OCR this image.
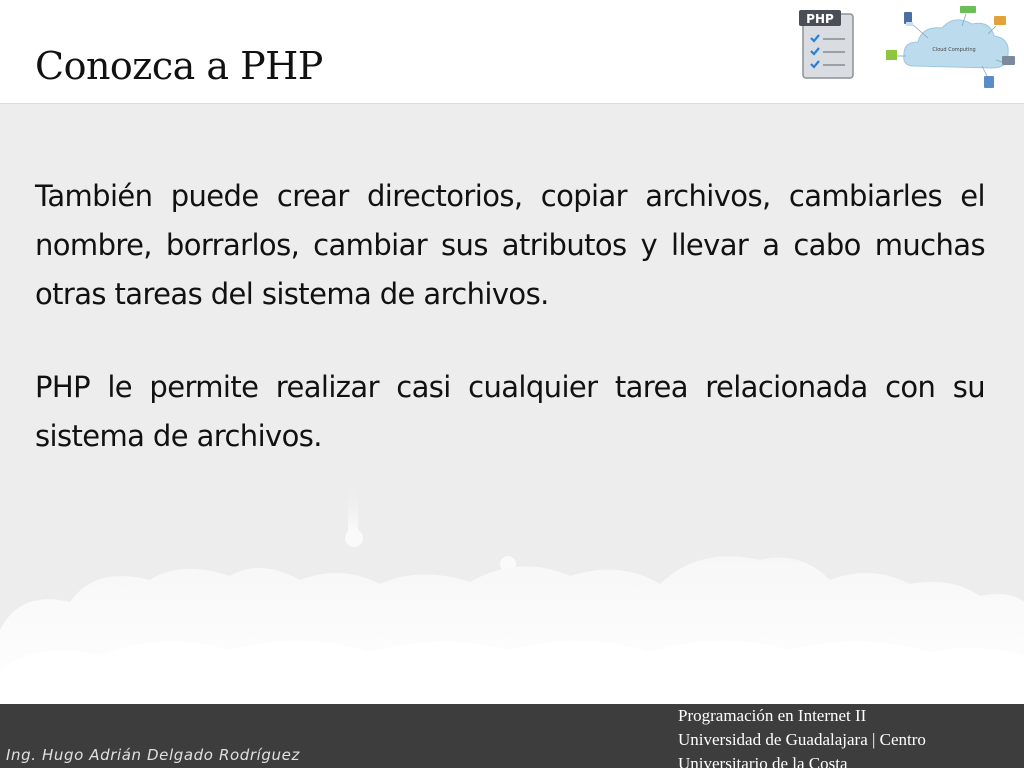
Conozca a PHP
PHP
Cloud Computing

También puede crear directorios, copiar archivos, cambiarles el nombre, borrarlos, cambiar sus atributos y llevar a cabo muchas otras tareas del sistema de archivos.

PHP le permite realizar casi cualquier tarea relacionada con su sistema de archivos.

Ing. Hugo Adrián Delgado Rodríguez
Programación en Internet II
Universidad de Guadalajara | Centro
Universitario de la Costa
